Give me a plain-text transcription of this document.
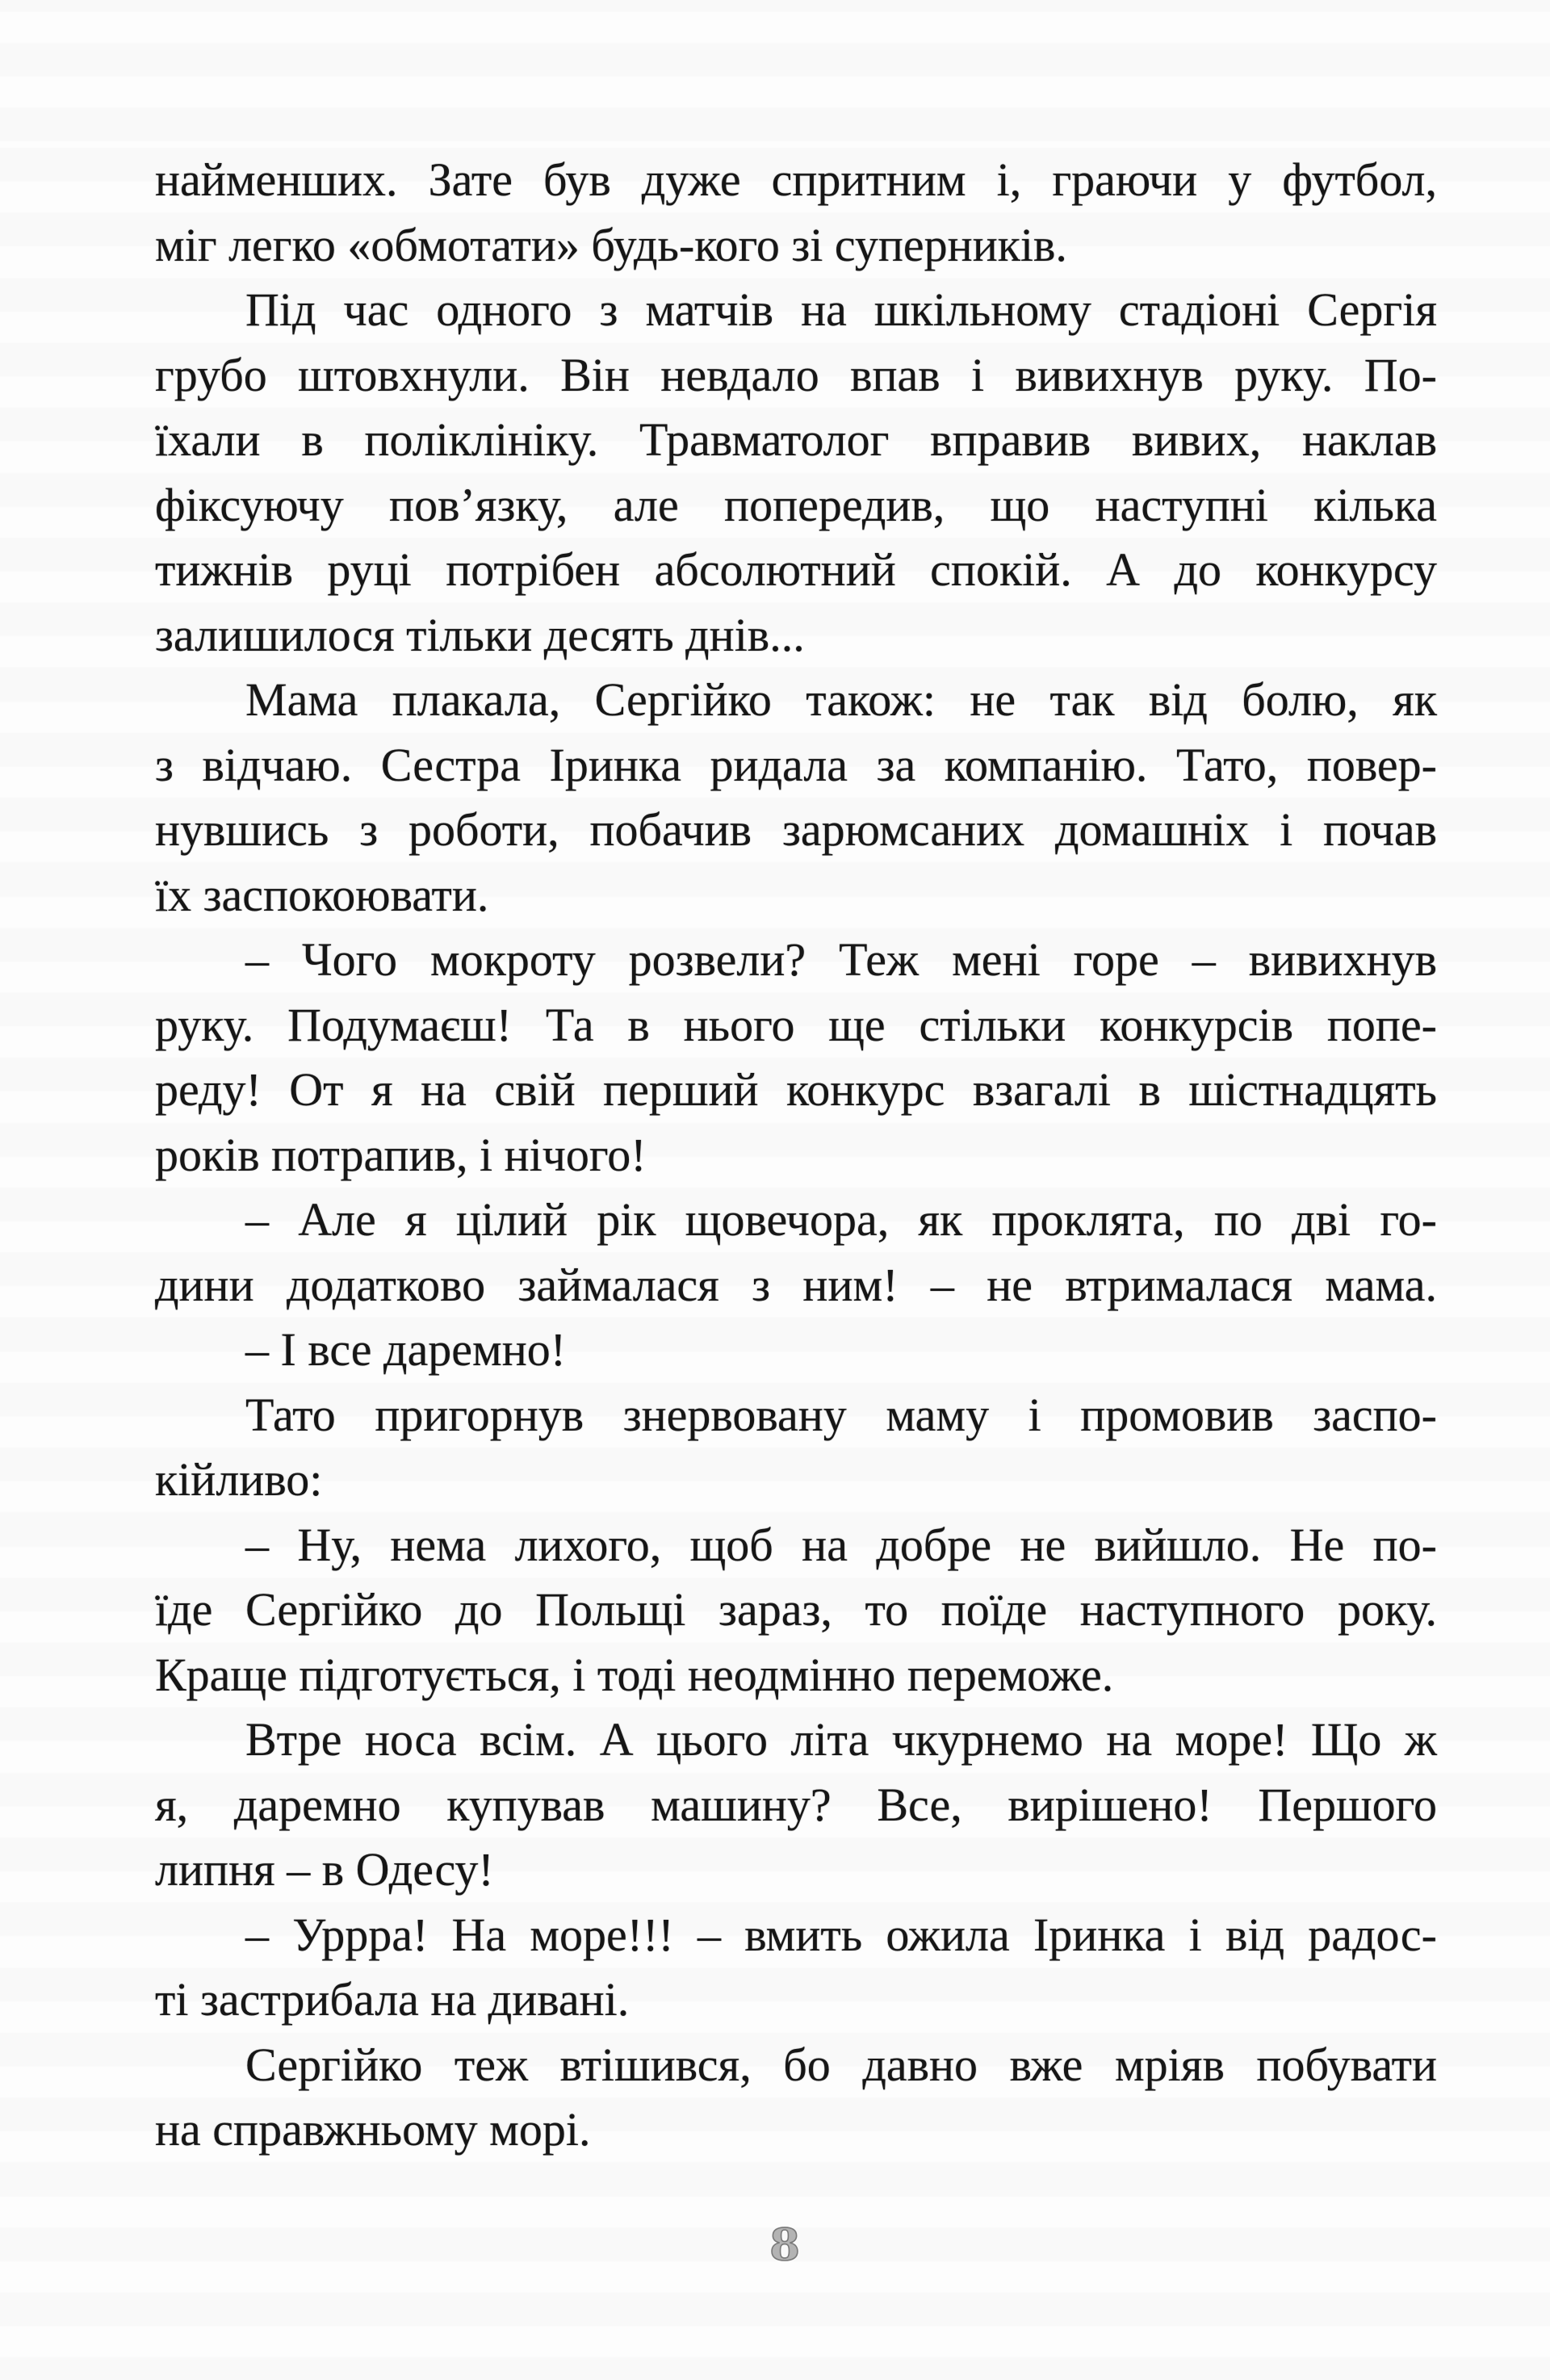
найменших. Зате був дуже спритним і, граючи у футбол,
міг легко «обмотати» будь-кого зі суперників.
Під час одного з матчів на шкільному стадіоні Сергія
грубо штовхнули. Він невдало впав і вивихнув руку. По-
їхали в поліклініку. Травматолог вправив вивих, наклав
фіксуючу пов’язку, але попередив, що наступні кілька
тижнів руці потрібен абсолютний спокій. А до конкурсу
залишилося тільки десять днів...
Мама плакала, Сергійко також: не так від болю, як
з відчаю. Сестра Іринка ридала за компанію. Тато, повер-
нувшись з роботи, побачив зарюмсаних домашніх і почав
їх заспокоювати.
– Чого мокроту розвели? Теж мені горе – вивихнув
руку. Подумаєш! Та в нього ще стільки конкурсів попе-
реду! От я на свій перший конкурс взагалі в шістнадцять
років потрапив, і нічого!
– Але я цілий рік щовечора, як проклята, по дві го-
дини додатково займалася з ним! – не втрималася мама.
– І все даремно!
Тато пригорнув знервовану маму і промовив заспо-
кійливо:
– Ну, нема лихого, щоб на добре не вийшло. Не по-
їде Сергійко до Польщі зараз, то поїде наступного року.
Краще підготується, і тоді неодмінно переможе.
Втре носа всім. А цього літа чкурнемо на море! Що ж
я, даремно купував машину? Все, вирішено! Першого
липня – в Одесу!
– Уррра! На море!!! – вмить ожила Іринка і від радос-
ті застрибала на дивані.
Сергійко теж втішився, бо давно вже мріяв побувати
на справжньому морі.
8
